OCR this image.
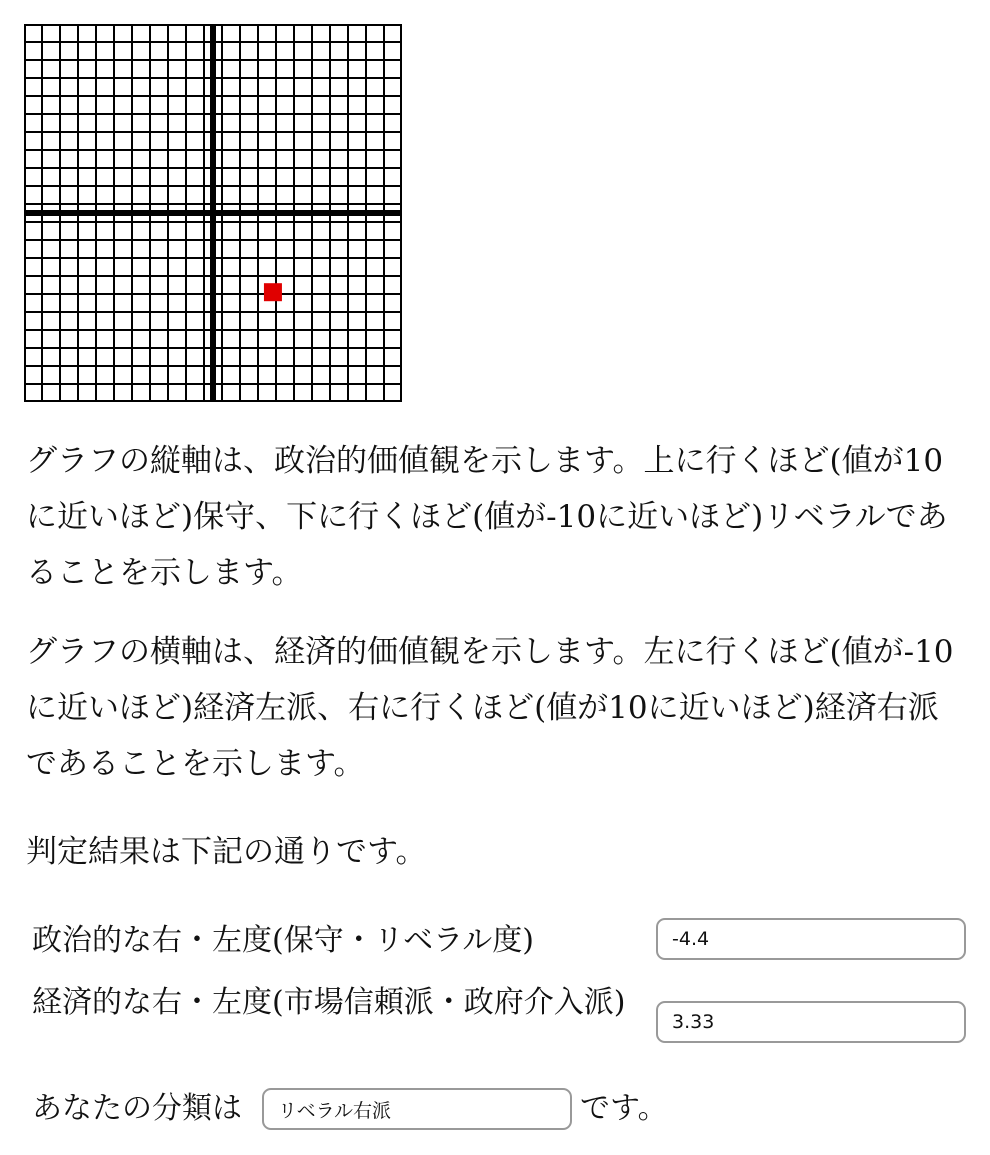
グラフの縦軸は、政治的価値観を示します。上に行くほど(値が10に近いほど)保守、下に行くほど(値が-10に近いほど)リベラルであることを示します。

グラフの横軸は、経済的価値観を示します。左に行くほど(値が-10に近いほど)経済左派、右に行くほど(値が10に近いほど)経済右派であることを示します。

判定結果は下記の通りです。

政治的な右・左度(保守・リベラル度)
-4.4
経済的な右・左度(市場信頼派・政府介入派)
3.33
あなたの分類は
リベラル右派	です。
